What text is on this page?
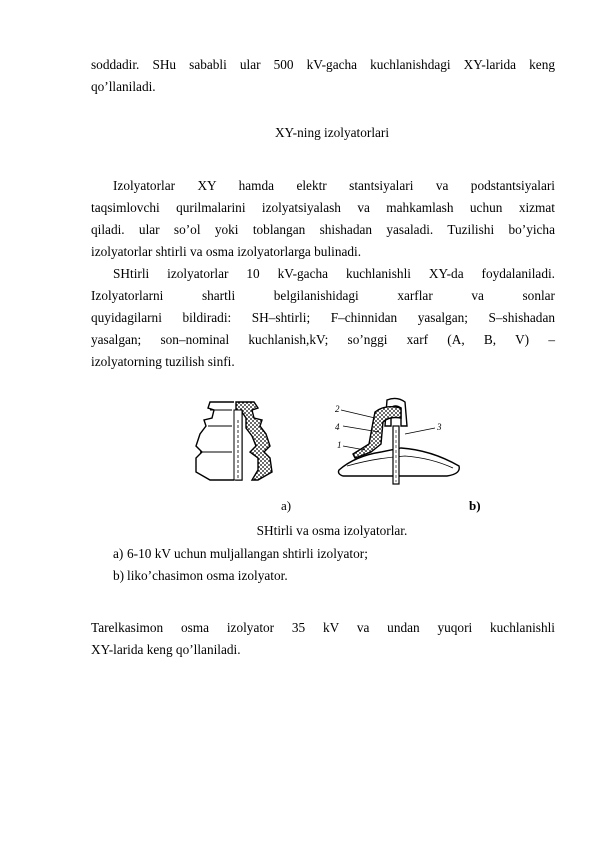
soddadir. SHu sababli ular 500 kV-gacha kuchlanishdagi XY-larida keng

qo’llaniladi.

XY-ning izolyatorlari

Izolyatorlar XY hamda elektr stantsiyalari va podstantsiyalari

taqsimlovchi qurilmalarini izolyatsiyalash va mahkamlash uchun xizmat

qiladi. ular so’ol yoki toblangan shishadan yasaladi. Tuzilishi bo’yicha

izolyatorlar shtirli va osma izolyatorlarga bulinadi.

SHtirli izolyatorlar 10 kV-gacha kuchlanishli XY-da foydalaniladi.

Izolyatorlarni shartli belgilanishidagi xarflar va sonlar

quyidagilarni bildiradi: SH–shtirli; F–chinnidan yasalgan; S–shishadan

yasalgan; son–nominal kuchlanish,kV; so’nggi xarf (A, B, V) –

izolyatorning tuzilish sinfi.

2
4
1
3
a)	b)

SHtirli va osma izolyatorlar.

a) 6-10 kV uchun muljallangan shtirli izolyator;
b) liko’chasimon osma izolyator.

Tarelkasimon osma izolyator 35 kV va undan yuqori kuchlanishli

XY-larida keng qo’llaniladi.
